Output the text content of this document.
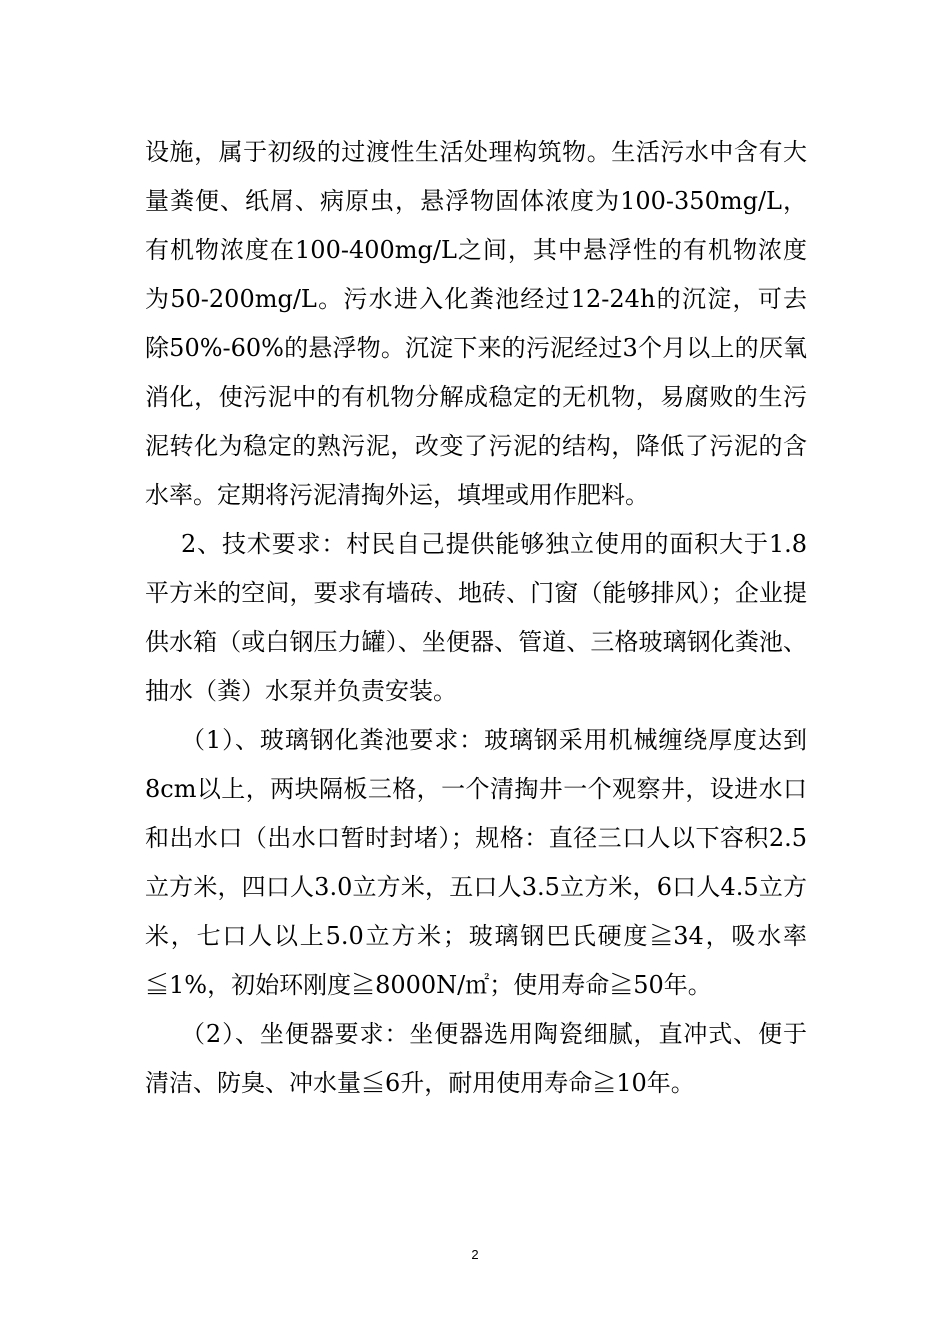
设施，属于初级的过渡性生活处理构筑物。生活污水中含有大量粪便、纸屑、病原虫，悬浮物固体浓度为100-350mg/L，有机物浓度在100-400mg/L之间，其中悬浮性的有机物浓度为50-200mg/L。污水进入化粪池经过12-24h的沉淀，可去除50%-60%的悬浮物。沉淀下来的污泥经过3个月以上的厌氧消化，使污泥中的有机物分解成稳定的无机物，易腐败的生污泥转化为稳定的熟污泥，改变了污泥的结构，降低了污泥的含水率。定期将污泥清掏外运，填埋或用作肥料。

2、技术要求：村民自己提供能够独立使用的面积大于1.8平方米的空间，要求有墙砖、地砖、门窗（能够排风）；企业提供水箱（或白钢压力罐）、坐便器、管道、三格玻璃钢化粪池、抽水（粪）水泵并负责安装。

（1）、玻璃钢化粪池要求：玻璃钢采用机械缠绕厚度达到8cm以上，两块隔板三格，一个清掏井一个观察井，设进水口和出水口（出水口暂时封堵）；规格：直径三口人以下容积2.5立方米，四口人3.0立方米，五口人3.5立方米，6口人4.5立方米，七口人以上5.0立方米；玻璃钢巴氏硬度≧34，吸水率≦1%，初始环刚度≧8000N/㎡；使用寿命≧50年。

（2）、坐便器要求：坐便器选用陶瓷细腻，直冲式、便于清洁、防臭、冲水量≦6升，耐用使用寿命≧10年。

2
